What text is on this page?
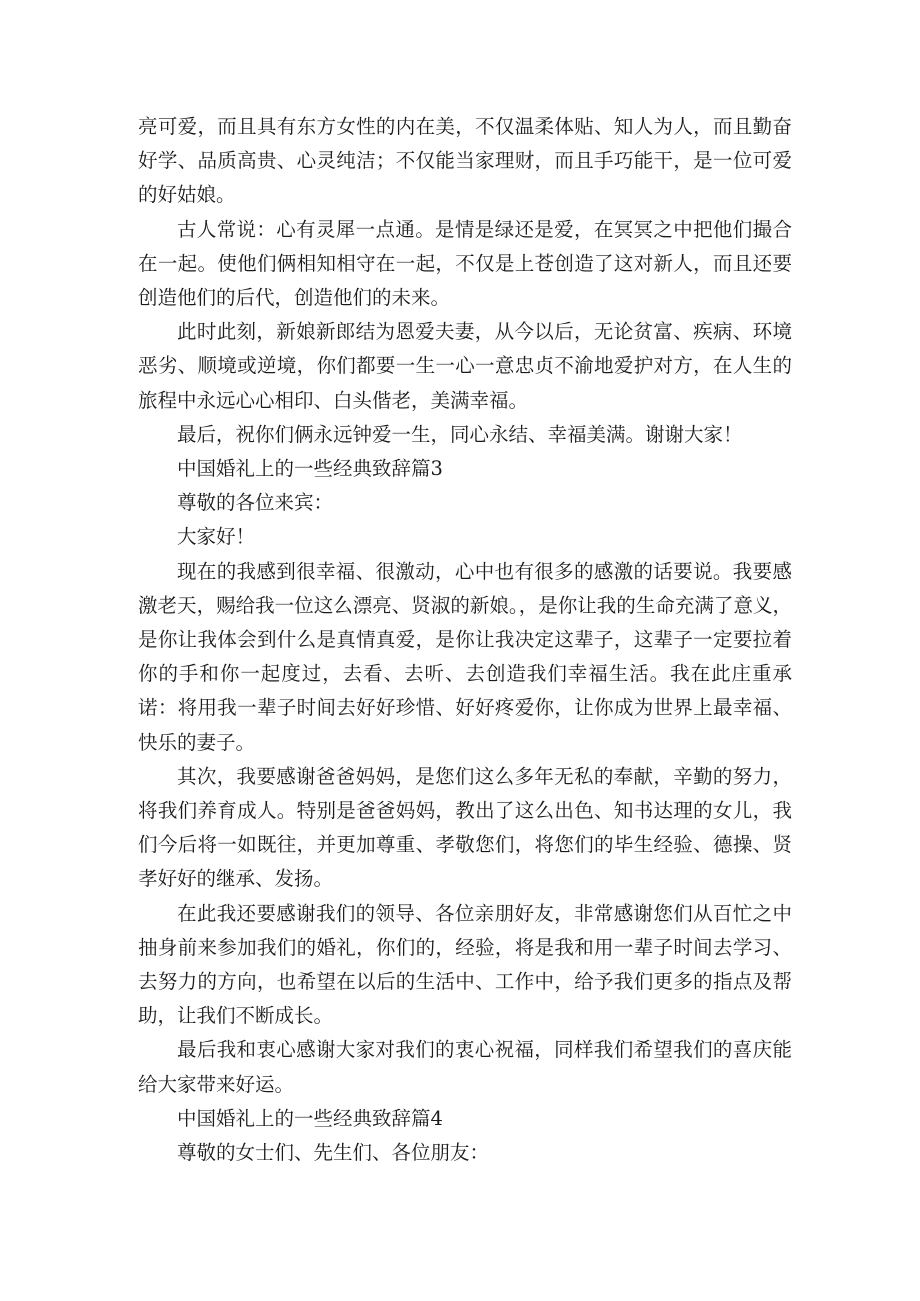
亮可爱，而且具有东方女性的内在美，不仅温柔体贴、知人为人，而且勤奋好学、品质高贵、心灵纯洁；不仅能当家理财，而且手巧能干，是一位可爱的好姑娘。

古人常说：心有灵犀一点通。是情是绿还是爱，在冥冥之中把他们撮合在一起。使他们俩相知相守在一起，不仅是上苍创造了这对新人，而且还要创造他们的后代，创造他们的未来。

此时此刻，新娘新郎结为恩爱夫妻，从今以后，无论贫富、疾病、环境恶劣、顺境或逆境，你们都要一生一心一意忠贞不渝地爱护对方，在人生的旅程中永远心心相印、白头偕老，美满幸福。

最后，祝你们俩永远钟爱一生，同心永结、幸福美满。谢谢大家！

中国婚礼上的一些经典致辞篇3

尊敬的各位来宾：

大家好！

现在的我感到很幸福、很激动，心中也有很多的感激的话要说。我要感激老天，赐给我一位这么漂亮、贤淑的新娘。，是你让我的生命充满了意义，是你让我体会到什么是真情真爱，是你让我决定这辈子，这辈子一定要拉着你的手和你一起度过，去看、去听、去创造我们幸福生活。我在此庄重承诺：将用我一辈子时间去好好珍惜、好好疼爱你，让你成为世界上最幸福、快乐的妻子。

其次，我要感谢爸爸妈妈，是您们这么多年无私的奉献，辛勤的努力，将我们养育成人。特别是爸爸妈妈，教出了这么出色、知书达理的女儿，我们今后将一如既往，并更加尊重、孝敬您们，将您们的毕生经验、德操、贤孝好好的继承、发扬。

在此我还要感谢我们的领导、各位亲朋好友，非常感谢您们从百忙之中抽身前来参加我们的婚礼，你们的，经验，将是我和用一辈子时间去学习、去努力的方向，也希望在以后的生活中、工作中，给予我们更多的指点及帮助，让我们不断成长。

最后我和衷心感谢大家对我们的衷心祝福，同样我们希望我们的喜庆能给大家带来好运。

中国婚礼上的一些经典致辞篇4

尊敬的女士们、先生们、各位朋友：
